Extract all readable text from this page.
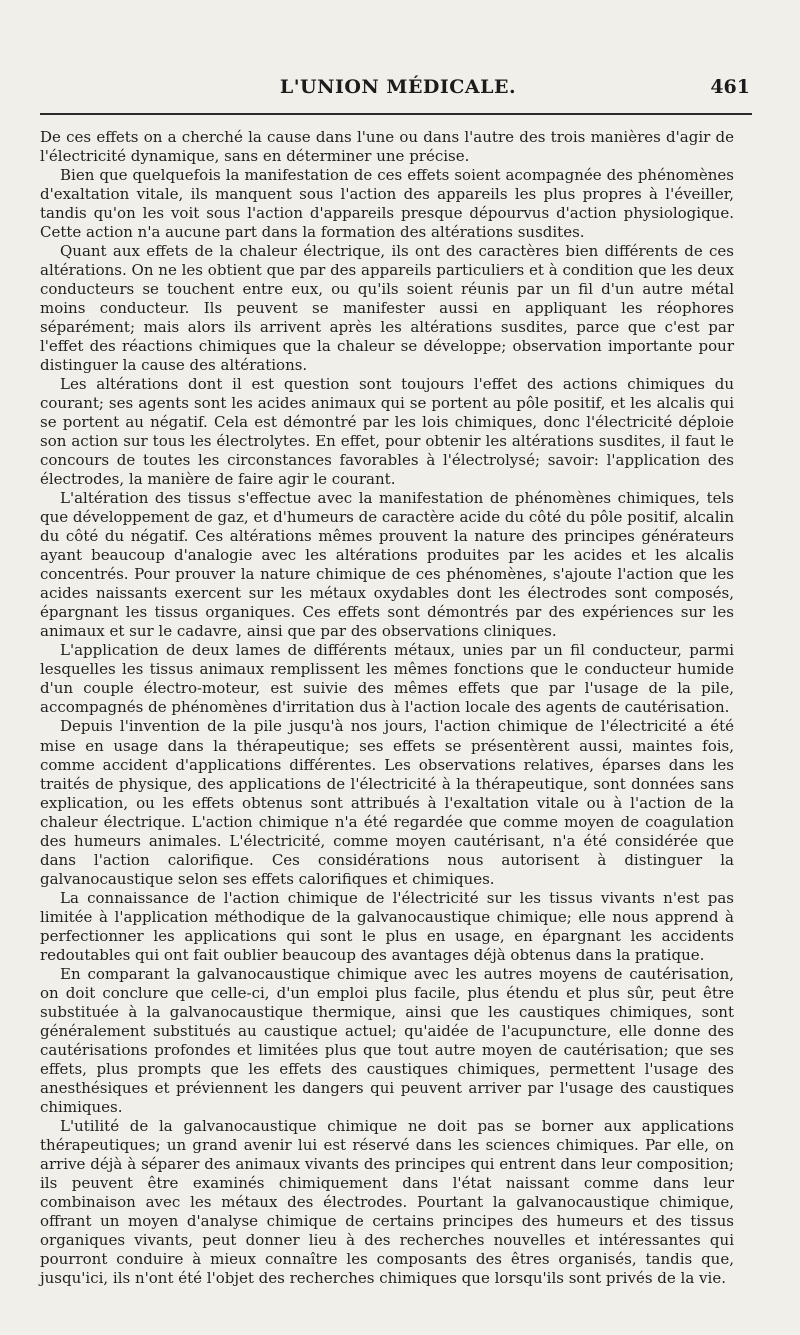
L'UNION MÉDICALE.	461

De ces effets on a cherché la cause dans l'une ou dans l'autre des trois manières d'agir de l'électricité dynamique, sans en déterminer une précise.

Bien que quelquefois la manifestation de ces effets soient acompagnée des phénomènes d'exaltation vitale, ils manquent sous l'action des appareils les plus propres à l'éveiller, tandis qu'on les voit sous l'action d'appareils presque dépourvus d'action physiologique. Cette action n'a aucune part dans la formation des altérations susdites.

Quant aux effets de la chaleur électrique, ils ont des caractères bien différents de ces altérations. On ne les obtient que par des appareils particuliers et à condition que les deux conducteurs se touchent entre eux, ou qu'ils soient réunis par un fil d'un autre métal moins conducteur. Ils peuvent se manifester aussi en appliquant les réophores séparément; mais alors ils arrivent après les altérations susdites, parce que c'est par l'effet des réactions chimiques que la chaleur se développe; observation importante pour distinguer la cause des altérations.

Les altérations dont il est question sont toujours l'effet des actions chimiques du courant; ses agents sont les acides animaux qui se portent au pôle positif, et les alcalis qui se portent au négatif. Cela est démontré par les lois chimiques, donc l'électricité déploie son action sur tous les électrolytes. En effet, pour obtenir les altérations susdites, il faut le concours de toutes les circonstances favorables à l'électrolysé; savoir: l'application des électrodes, la manière de faire agir le courant.

L'altération des tissus s'effectue avec la manifestation de phénomènes chimiques, tels que développement de gaz, et d'humeurs de caractère acide du côté du pôle positif, alcalin du côté du négatif. Ces altérations mêmes prouvent la nature des principes générateurs ayant beaucoup d'analogie avec les altérations produites par les acides et les alcalis concentrés. Pour prouver la nature chimique de ces phénomènes, s'ajoute l'action que les acides naissants exercent sur les métaux oxydables dont les électrodes sont composés, épargnant les tissus organiques. Ces effets sont démontrés par des expériences sur les animaux et sur le cadavre, ainsi que par des observations cliniques.

L'application de deux lames de différents métaux, unies par un fil conducteur, parmi lesquelles les tissus animaux remplissent les mêmes fonctions que le conducteur humide d'un couple électro-moteur, est suivie des mêmes effets que par l'usage de la pile, accompagnés de phénomènes d'irritation dus à l'action locale des agents de cautérisation.

Depuis l'invention de la pile jusqu'à nos jours, l'action chimique de l'électricité a été mise en usage dans la thérapeutique; ses effets se présentèrent aussi, maintes fois, comme accident d'applications différentes. Les observations relatives, éparses dans les traités de physique, des applications de l'électricité à la thérapeutique, sont données sans explication, ou les effets obtenus sont attribués à l'exaltation vitale ou à l'action de la chaleur électrique. L'action chimique n'a été regardée que comme moyen de coagulation des humeurs animales. L'électricité, comme moyen cautérisant, n'a été considérée que dans l'action calorifique. Ces considérations nous autorisent à distinguer la galvanocaustique selon ses effets calorifiques et chimiques.

La connaissance de l'action chimique de l'électricité sur les tissus vivants n'est pas limitée à l'application méthodique de la galvanocaustique chimique; elle nous apprend à perfectionner les applications qui sont le plus en usage, en épargnant les accidents redoutables qui ont fait oublier beaucoup des avantages déjà obtenus dans la pratique.

En comparant la galvanocaustique chimique avec les autres moyens de cautérisation, on doit conclure que celle-ci, d'un emploi plus facile, plus étendu et plus sûr, peut être substituée à la galvanocaustique thermique, ainsi que les caustiques chimiques, sont généralement substitués au caustique actuel; qu'aidée de l'acupuncture, elle donne des cautérisations profondes et limitées plus que tout autre moyen de cautérisation; que ses effets, plus prompts que les effets des caustiques chimiques, permettent l'usage des anesthésiques et préviennent les dangers qui peuvent arriver par l'usage des caustiques chimiques.

L'utilité de la galvanocaustique chimique ne doit pas se borner aux applications thérapeutiques; un grand avenir lui est réservé dans les sciences chimiques. Par elle, on arrive déjà à séparer des animaux vivants des principes qui entrent dans leur composition; ils peuvent être examinés chimiquement dans l'état naissant comme dans leur combinaison avec les métaux des électrodes. Pourtant la galvanocaustique chimique, offrant un moyen d'analyse chimique de certains principes des humeurs et des tissus organiques vivants, peut donner lieu à des recherches nouvelles et intéressantes qui pourront conduire à mieux connaître les composants des êtres organisés, tandis que, jusqu'ici, ils n'ont été l'objet des recherches chimiques que lorsqu'ils sont privés de la vie.
